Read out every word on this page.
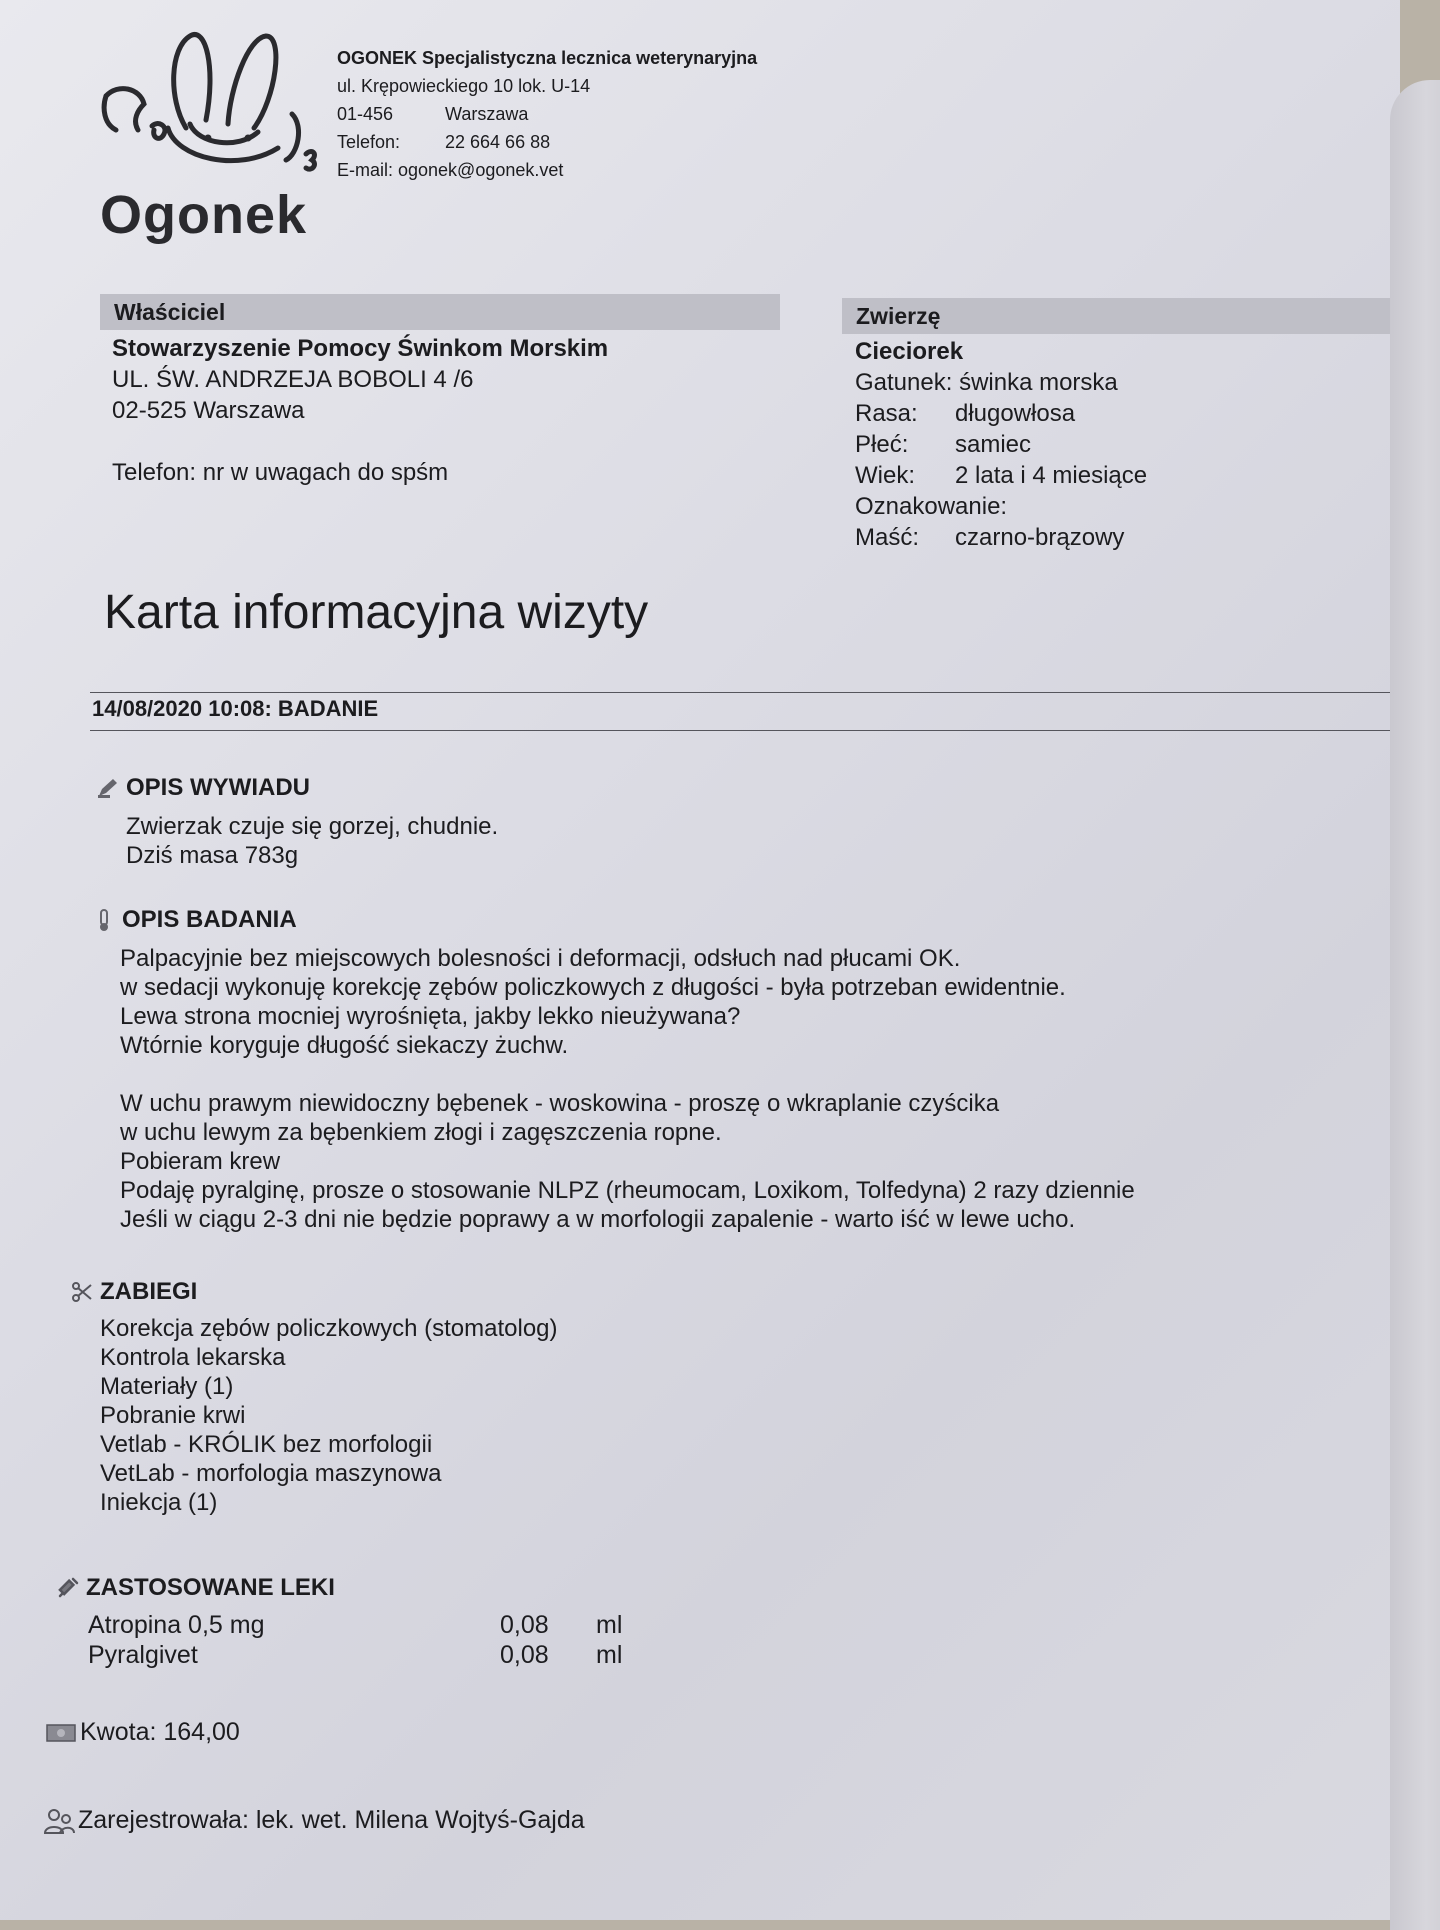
Ogonek
OGONEK Specjalistyczna lecznica weterynaryjna
ul. Krępowieckiego 10 lok. U-14
01-456	Warszawa
Telefon:	22 664 66 88
E-mail: ogonek@ogonek.vet
Właściciel	Zwierzę
Stowarzyszenie Pomocy Świnkom Morskim
UL. ŚW. ANDRZEJA BOBOLI 4 /6
02-525 Warszawa
Telefon: nr w uwagach do spśm
Cieciorek
Gatunek: świnka morska
Rasa:	długowłosa
Płeć:	samiec
Wiek:	2 lata i 4 miesiące
Oznakowanie:
Maść:	czarno-brązowy
Karta informacyjna wizyty
14/08/2020 10:08: BADANIE
OPIS WYWIADU
Zwierzak czuje się gorzej, chudnie.
Dziś masa 783g
OPIS BADANIA
Palpacyjnie bez miejscowych bolesności i deformacji, odsłuch nad płucami OK.
w sedacji wykonuję korekcję zębów policzkowych z długości - była potrzeban ewidentnie.
Lewa strona mocniej wyrośnięta, jakby lekko nieużywana?
Wtórnie koryguje długość siekaczy żuchw.
W uchu prawym niewidoczny bębenek - woskowina - proszę o wkraplanie czyścika
w uchu lewym za bębenkiem złogi i zagęszczenia ropne.
Pobieram krew
Podaję pyralginę, prosze o stosowanie NLPZ (rheumocam, Loxikom, Tolfedyna) 2 razy dziennie
Jeśli w ciągu 2-3 dni nie będzie poprawy a w morfologii zapalenie - warto iść w lewe ucho.
ZABIEGI
Korekcja zębów policzkowych (stomatolog)
Kontrola lekarska
Materiały (1)
Pobranie krwi
Vetlab - KRÓLIK bez morfologii
VetLab - morfologia maszynowa
Iniekcja (1)
ZASTOSOWANE LEKI
Atropina 0,5 mg	0,08	ml
Pyralgivet	0,08	ml
Kwota: 164,00
Zarejestrowała: lek. wet. Milena Wojtyś-Gajda
